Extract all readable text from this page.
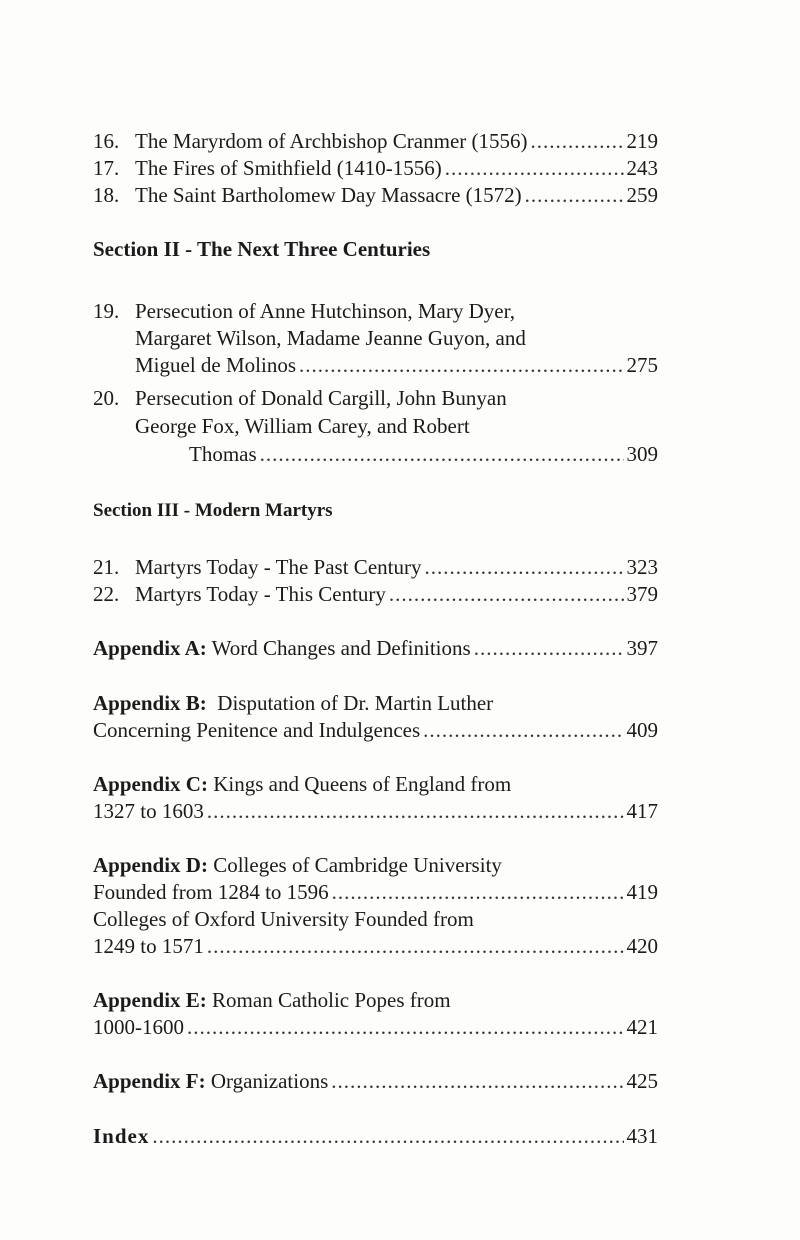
16. The Maryrdom of Archbishop Cranmer (1556) .....	219
17. The Fires of Smithfield (1410-1556) .....	243
18. The Saint Bartholomew Day Massacre (1572) .....	259
Section II - The Next Three Centuries
19. Persecution of Anne Hutchinson, Mary Dyer,
Margaret Wilson, Madame Jeanne Guyon, and
Miguel de Molinos .....	275
20. Persecution of Donald Cargill, John Bunyan
George Fox, William Carey, and Robert
Thomas .....	309
Section III - Modern Martyrs
21. Martyrs Today - The Past Century .....	323
22. Martyrs Today - This Century .....	379
Appendix A: Word Changes and Definitions .....	397
Appendix B: Disputation of Dr. Martin Luther
Concerning Penitence and Indulgences .....	409
Appendix C: Kings and Queens of England from
1327 to 1603 .....	417
Appendix D: Colleges of Cambridge University
Founded from 1284 to 1596 .....	419
Colleges of Oxford University Founded from
1249 to 1571 .....	420
Appendix E: Roman Catholic Popes from
1000-1600 .....	421
Appendix F: Organizations .....	425
Index .....	431
